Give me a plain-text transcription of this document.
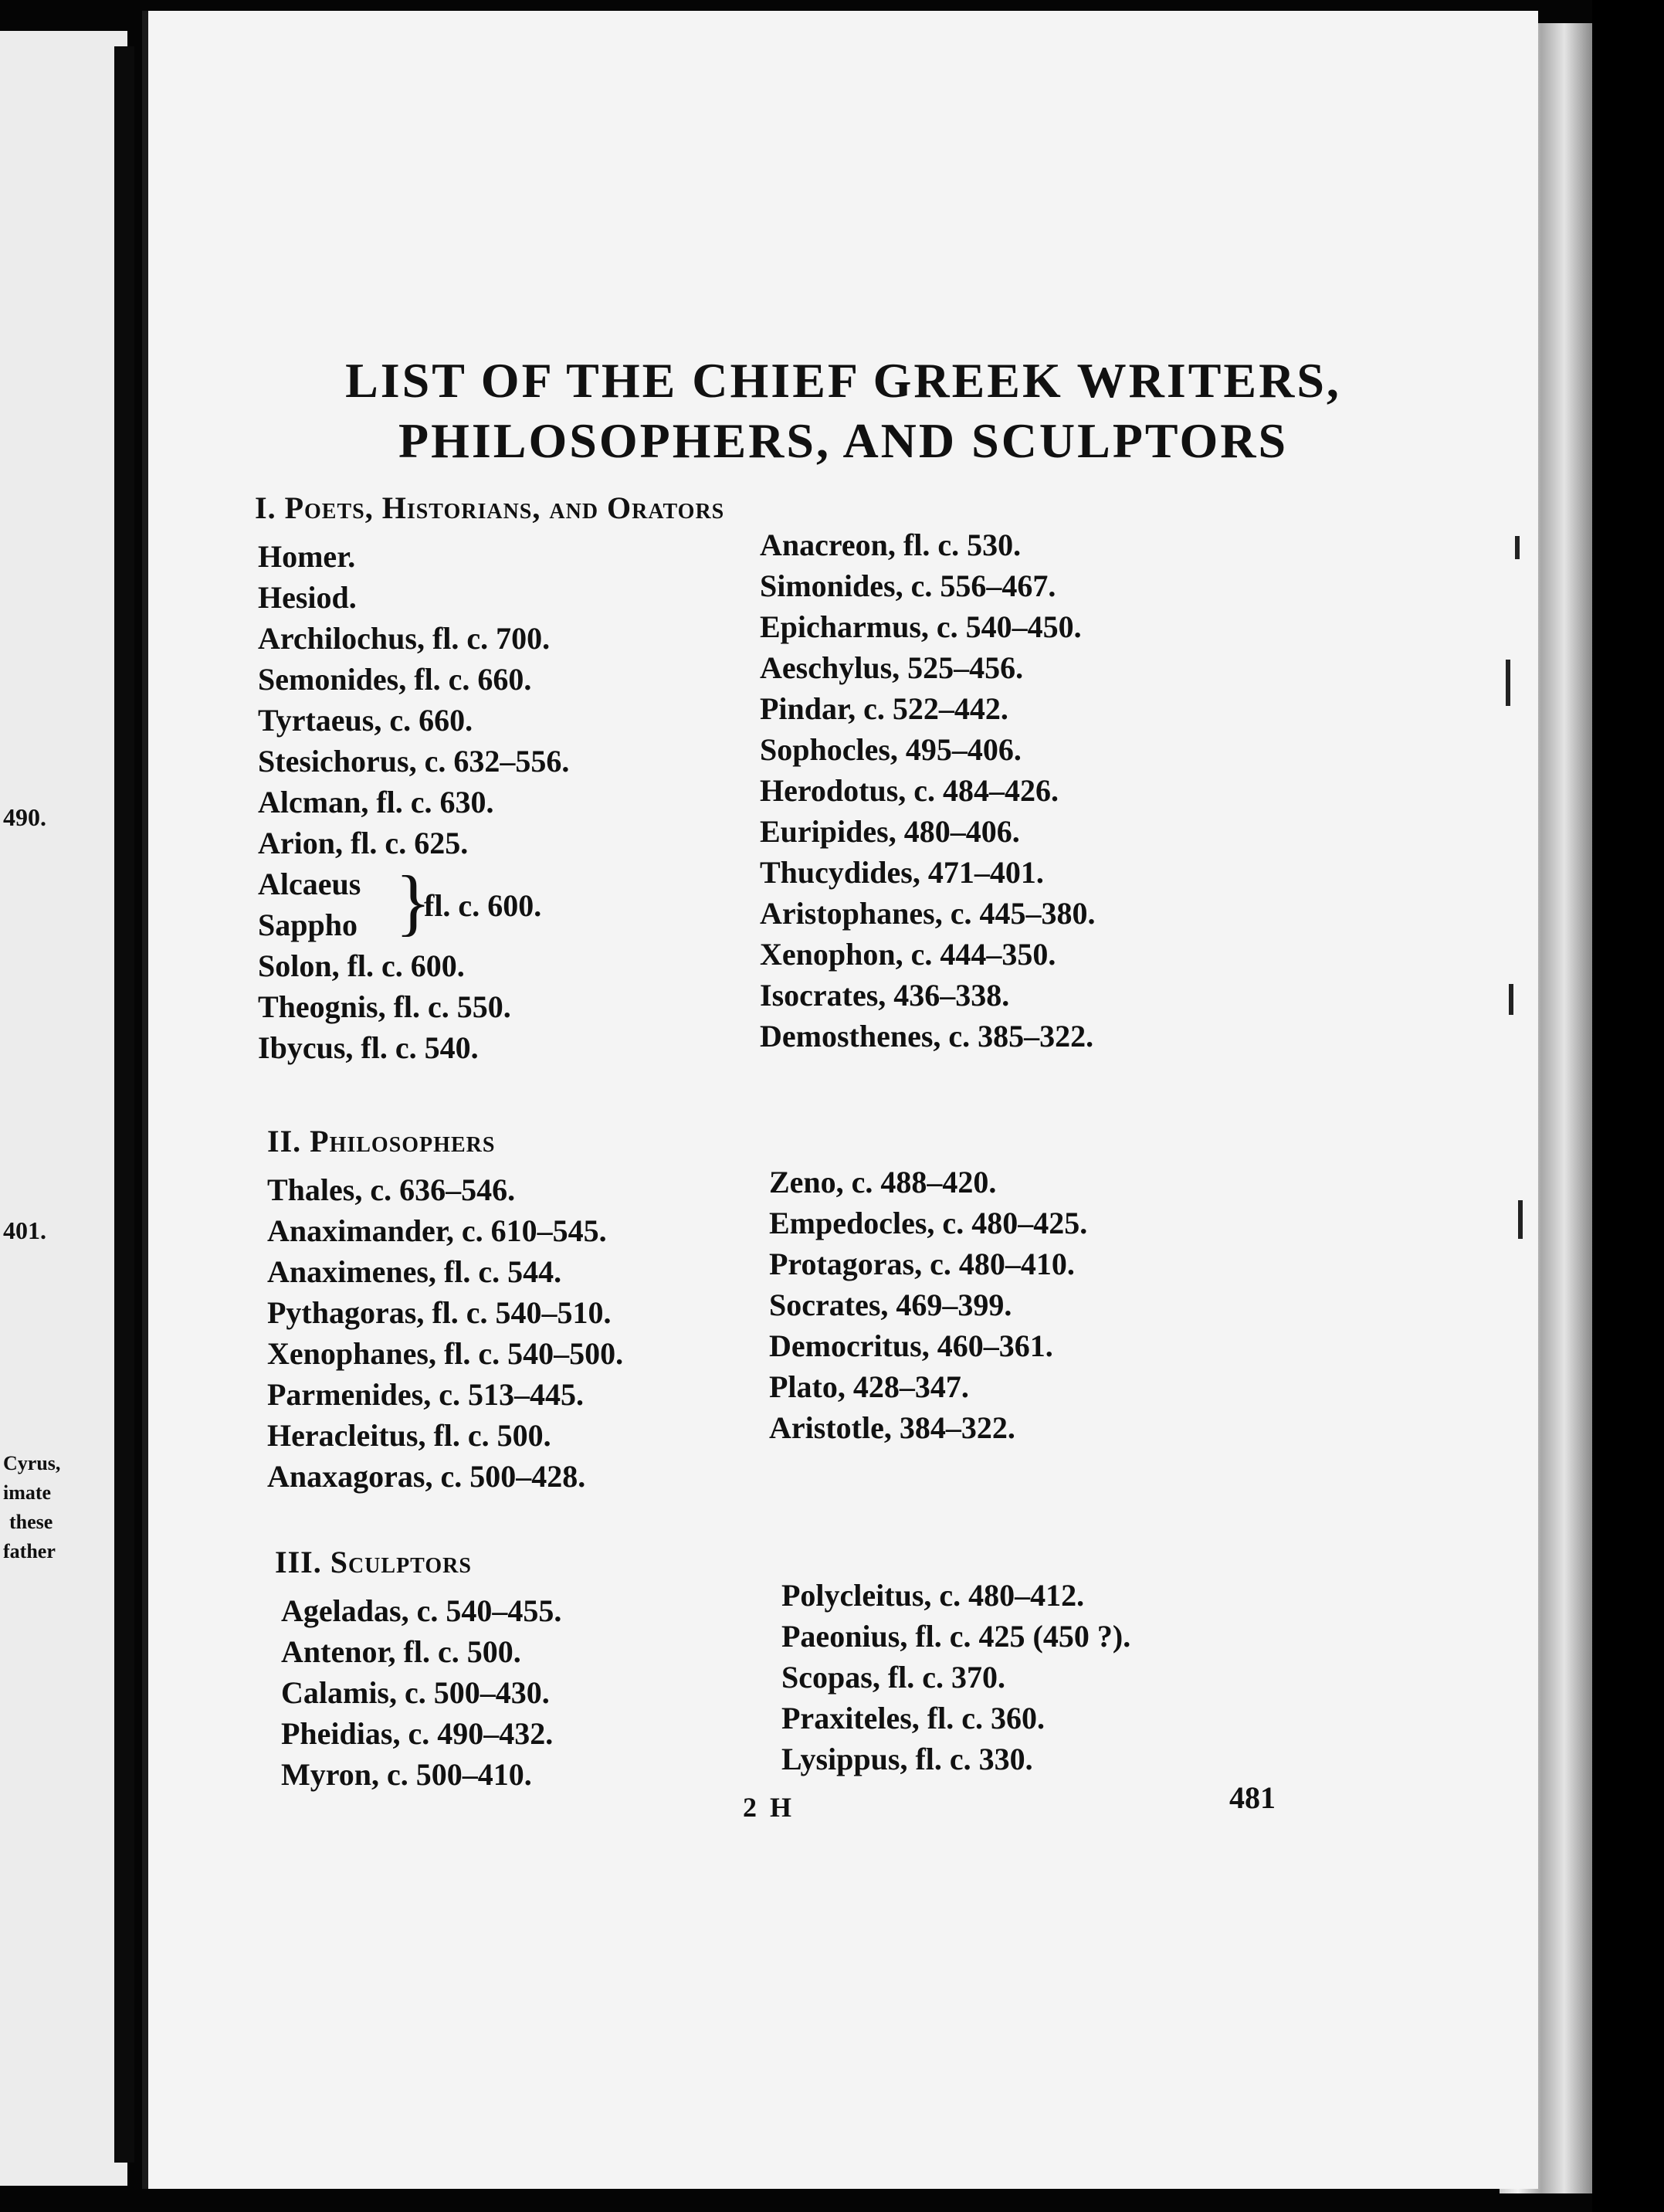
490.
401.
Cyrus,
imate
these
father
LIST OF THE CHIEF GREEK WRITERS,
PHILOSOPHERS, AND SCULPTORS
I. Poets, Historians, and Orators
Homer.
Hesiod.
Archilochus, fl. c. 700.
Semonides, fl. c. 660.
Tyrtaeus, c. 660.
Stesichorus, c. 632–556.
Alcman, fl. c. 630.
Arion, fl. c. 625.
Alcaeus
Sappho }
fl. c. 600.
Solon, fl. c. 600.
Theognis, fl. c. 550.
Ibycus, fl. c. 540.
Anacreon, fl. c. 530.
Simonides, c. 556–467.
Epicharmus, c. 540–450.
Aeschylus, 525–456.
Pindar, c. 522–442.
Sophocles, 495–406.
Herodotus, c. 484–426.
Euripides, 480–406.
Thucydides, 471–401.
Aristophanes, c. 445–380.
Xenophon, c. 444–350.
Isocrates, 436–338.
Demosthenes, c. 385–322.
II. Philosophers
Thales, c. 636–546.
Anaximander, c. 610–545.
Anaximenes, fl. c. 544.
Pythagoras, fl. c. 540–510.
Xenophanes, fl. c. 540–500.
Parmenides, c. 513–445.
Heracleitus, fl. c. 500.
Anaxagoras, c. 500–428.
Zeno, c. 488–420.
Empedocles, c. 480–425.
Protagoras, c. 480–410.
Socrates, 469–399.
Democritus, 460–361.
Plato, 428–347.
Aristotle, 384–322.
III. Sculptors
Ageladas, c. 540–455.
Antenor, fl. c. 500.
Calamis, c. 500–430.
Pheidias, c. 490–432.
Myron, c. 500–410.
Polycleitus, c. 480–412.
Paeonius, fl. c. 425 (450 ?).
Scopas, fl. c. 370.
Praxiteles, fl. c. 360.
Lysippus, fl. c. 330.
2 H	481
